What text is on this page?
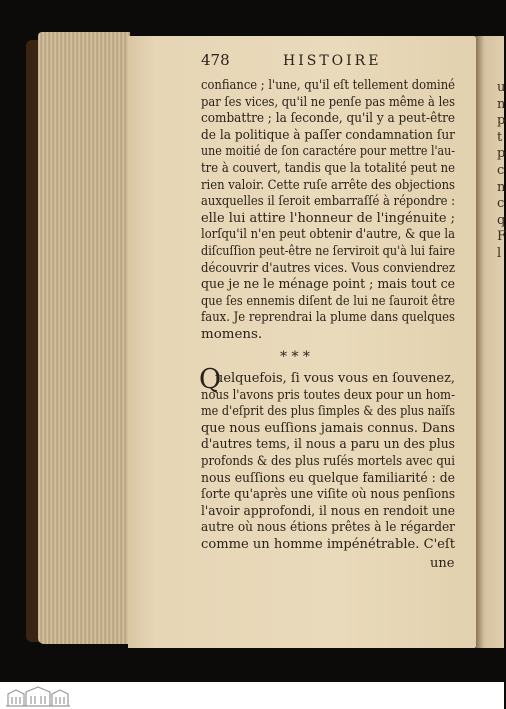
u
n
p
t
p
c
n
c
q
F
l
478	HISTOIRE
confiance ; l'une, qu'il eſt tellement dominé
par ſes vices, qu'il ne penſe pas même à les
combattre ; la ſeconde, qu'il y a peut-être
de la politique à paſſer condamnation ſur
une moitié de ſon caractére pour mettre l'au-
tre à couvert, tandis que la totalité peut ne
rien valoir. Cette ruſe arrête des objections
auxquelles il ſeroit embarraſſé à répondre :
elle lui attire l'honneur de l'ingénuite ;
lorſqu'il n'en peut obtenir d'autre, & que la
diſcuſſion peut-être ne ſerviroit qu'à lui faire
découvrir d'autres vices. Vous conviendrez
que je ne le ménage point ; mais tout ce
que ſes ennemis diſent de lui ne ſauroit être
faux. Je reprendrai la plume dans quelques
momens.
* * *
Q
uelquefois, ſi vous vous en ſouvenez,
nous l'avons pris toutes deux pour un hom-
me d'eſprit des plus ſimples & des plus naïſs
que nous euſſions jamais connus. Dans
d'autres tems, il nous a paru un des plus
profonds & des plus ruſés mortels avec qui
nous euſſions eu quelque familiarité : de
ſorte qu'après une viſite où nous penſions
l'avoir approfondi, il nous en rendoit une
autre où nous étions prêtes à le régarder
comme un homme impénétrable. C'eſt
une
